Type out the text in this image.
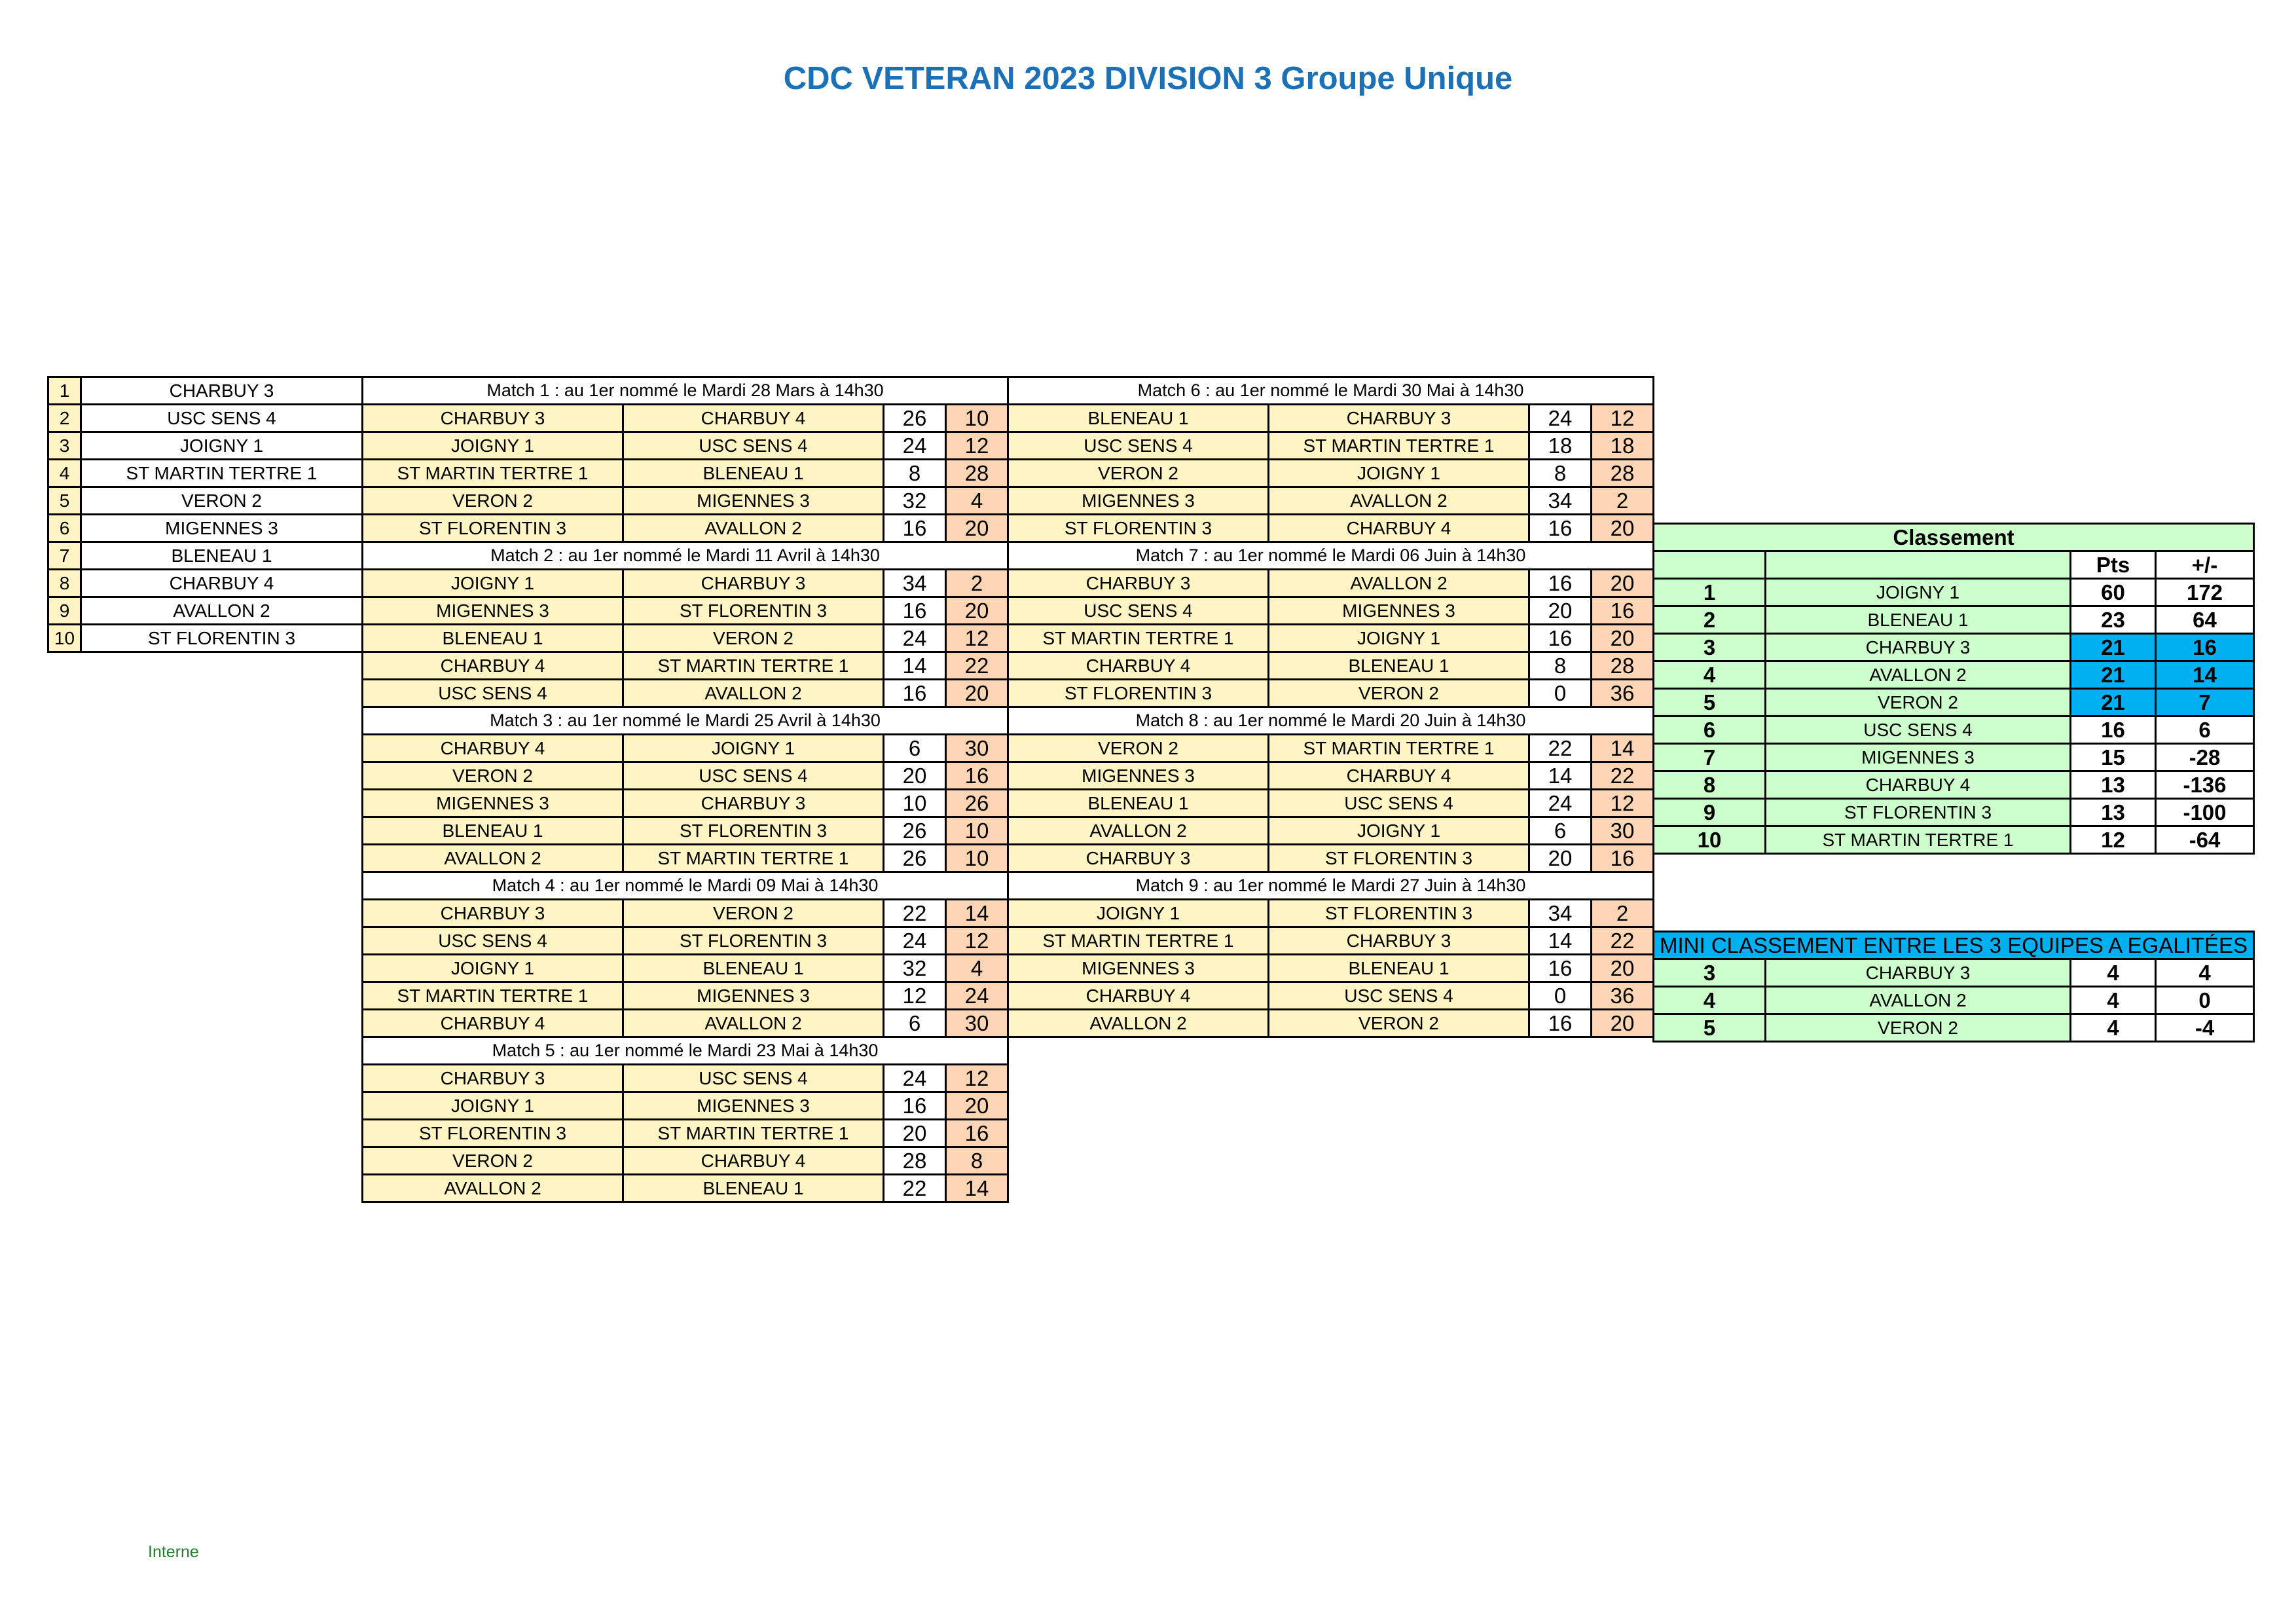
CDC VETERAN 2023 DIVISION 3 Groupe Unique
1	CHARBUY 3
2	USC SENS 4
3	JOIGNY 1
4	ST MARTIN TERTRE 1
5	VERON 2
6	MIGENNES 3
7	BLENEAU 1
8	CHARBUY 4
9	AVALLON 2
10	ST FLORENTIN 3
Match 1 : au 1er nommé le Mardi 28 Mars à 14h30			
CHARBUY 3	CHARBUY 4	26	10
JOIGNY 1	USC SENS 4	24	12
ST MARTIN TERTRE 1	BLENEAU 1	8	28
VERON 2	MIGENNES 3	32	4
ST FLORENTIN 3	AVALLON 2	16	20
Match 2 : au 1er nommé le Mardi 11 Avril à 14h30			
JOIGNY 1	CHARBUY 3	34	2
MIGENNES 3	ST FLORENTIN 3	16	20
BLENEAU 1	VERON 2	24	12
CHARBUY 4	ST MARTIN TERTRE 1	14	22
USC SENS 4	AVALLON 2	16	20
Match 3 : au 1er nommé le Mardi 25 Avril à 14h30			
CHARBUY 4	JOIGNY 1	6	30
VERON 2	USC SENS 4	20	16
MIGENNES 3	CHARBUY 3	10	26
BLENEAU 1	ST FLORENTIN 3	26	10
AVALLON 2	ST MARTIN TERTRE 1	26	10
Match 4 : au 1er nommé le Mardi 09 Mai à 14h30			
CHARBUY 3	VERON 2	22	14
USC SENS 4	ST FLORENTIN 3	24	12
JOIGNY 1	BLENEAU 1	32	4
ST MARTIN TERTRE 1	MIGENNES 3	12	24
CHARBUY 4	AVALLON 2	6	30
Match 5 : au 1er nommé le Mardi 23 Mai à 14h30			
CHARBUY 3	USC SENS 4	24	12
JOIGNY 1	MIGENNES 3	16	20
ST FLORENTIN 3	ST MARTIN TERTRE 1	20	16
VERON 2	CHARBUY 4	28	8
AVALLON 2	BLENEAU 1	22	14
Match 6 : au 1er nommé le Mardi 30 Mai à 14h30			
BLENEAU 1	CHARBUY 3	24	12
USC SENS 4	ST MARTIN TERTRE 1	18	18
VERON 2	JOIGNY 1	8	28
MIGENNES 3	AVALLON 2	34	2
ST FLORENTIN 3	CHARBUY 4	16	20
Match 7 : au 1er nommé le Mardi 06 Juin à 14h30			
CHARBUY 3	AVALLON 2	16	20
USC SENS 4	MIGENNES 3	20	16
ST MARTIN TERTRE 1	JOIGNY 1	16	20
CHARBUY 4	BLENEAU 1	8	28
ST FLORENTIN 3	VERON 2	0	36
Match 8 : au 1er nommé le Mardi 20 Juin à 14h30			
VERON 2	ST MARTIN TERTRE 1	22	14
MIGENNES 3	CHARBUY 4	14	22
BLENEAU 1	USC SENS 4	24	12
AVALLON 2	JOIGNY 1	6	30
CHARBUY 3	ST FLORENTIN 3	20	16
Match 9 : au 1er nommé le Mardi 27 Juin à 14h30			
JOIGNY 1	ST FLORENTIN 3	34	2
ST MARTIN TERTRE 1	CHARBUY 3	14	22
MIGENNES 3	BLENEAU 1	16	20
CHARBUY 4	USC SENS 4	0	36
AVALLON 2	VERON 2	16	20
Classement			
		Pts	+/-
1	JOIGNY 1	60	172
2	BLENEAU 1	23	64
3	CHARBUY 3	21	16
4	AVALLON 2	21	14
5	VERON 2	21	7
6	USC SENS 4	16	6
7	MIGENNES 3	15	-28
8	CHARBUY 4	13	-136
9	ST FLORENTIN 3	13	-100
10	ST MARTIN TERTRE 1	12	-64
MINI CLASSEMENT ENTRE LES 3 EQUIPES A EGALITÉES			
3	CHARBUY 3	4	4
4	AVALLON 2	4	0
5	VERON 2	4	-4
Interne
